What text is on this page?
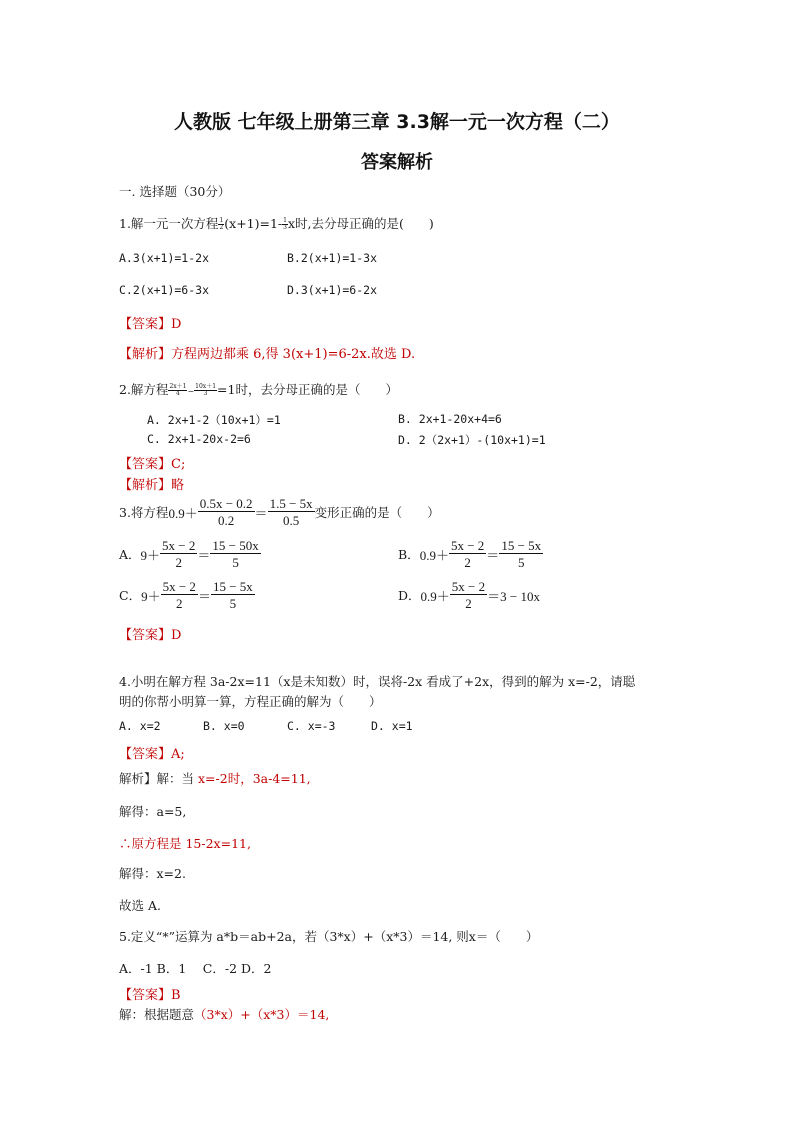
人教版 七年级上册第三章 3.3解一元一次方程（二）
答案解析
一. 选择题（30分）
1.解一元一次方程 $\frac{1}{2} (x+1)=1- \frac{1}{3}$ x时,去分母正确的是(　　)
A.3(x+1)=1-2x	B.2(x+1)=1-3x
C.2(x+1)=6-3x	D.3(x+1)=6-2x
【答案】D
【解析】方程两边都乘 6,得 3(x+1)=6-2x.故选 D.
2.解方程 $\frac{2x+1}{4} - \frac{10x+1}{3} =1$时，去分母正确的是（　　）
A. 2x+1-2（10x+1）=1	B. 2x+1-20x+4=6
C. 2x+1-20x-2=6	D. 2（2x+1）-(10x+1)=1
【答案】C;
【解析】略
3.将方程 $0.9+ \frac{0.5x - 0.2}{0.2} = \frac{1.5 - 5x}{0.5}$ 变形正确的是（　　）
A． $9+ \frac{5x - 2}{2} = \frac{15 - 50x}{5}$	B． $0.9+ \frac{5x - 2}{2} = \frac{15 - 5x}{5}$
C． $9+ \frac{5x - 2}{2} = \frac{15 - 5x}{5}$	D． $0.9+ \frac{5x - 2}{2} =3 - 10x$
【答案】D
4.小明在解方程 3a-2x=11（x是未知数）时，误将-2x 看成了+2x，得到的解为 x=-2，请聪
明的你帮小明算一算，方程正确的解为（　　）
A. x=2	B. x=0	C. x=-3	D. x=1
【答案】A;
解析】解：当 x=-2时，3a-4=11,
解得：a=5,
∴原方程是 15-2x=11,
解得：x=2.
故选 A.
5.定义“*”运算为 a*b＝ab+2a，若（3*x）+（x*3）＝14, 则x＝（　　）
A．-1 B．1　 C．-2 D．2
【答案】B
解：根据题意（3*x）+（x*3）＝14,
